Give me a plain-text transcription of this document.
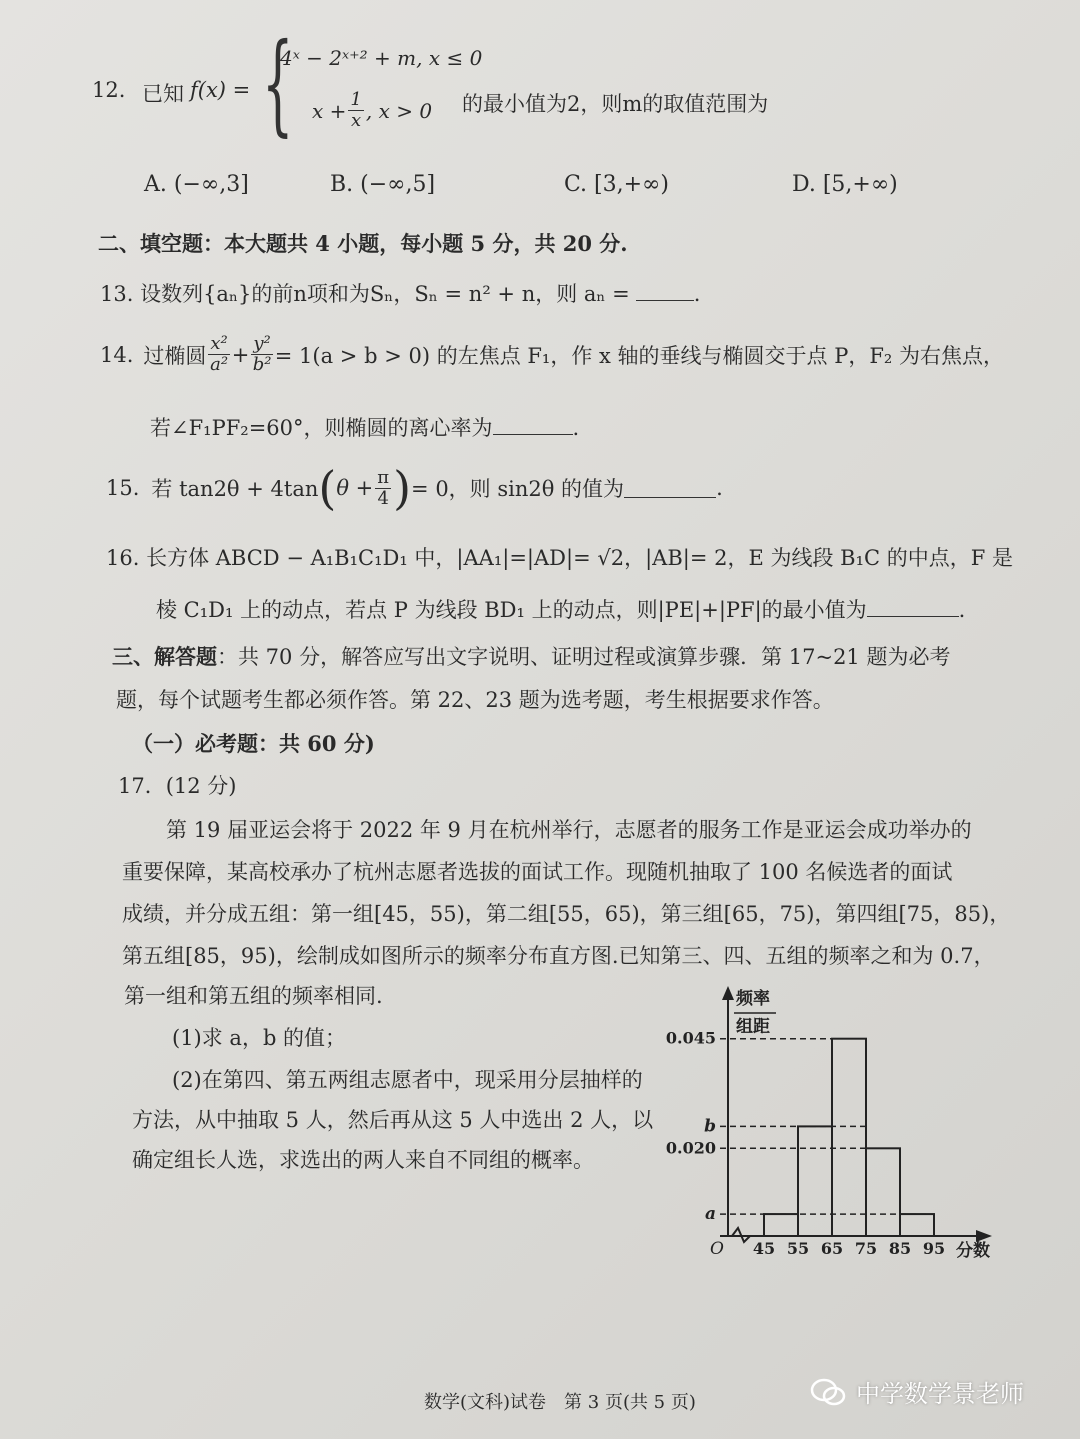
12. 已知 f(x) = {
4ˣ − 2ˣ⁺² + m, x ≤ 0
$x + \frac{1}{x}$ , x > 0 的最小值为2，则m的取值范围为
A. (−∞,3]	B. (−∞,5]	C. [3,+∞)	D. [5,+∞)
二、填空题：本大题共 4 小题，每小题 5 分，共 20 分.
13. 设数列{aₙ}的前n项和为Sₙ，Sₙ = n² + n，则 aₙ =	.
14. 过椭圆 $\frac{\text{x²}}{\text{a²}} + \frac{\text{y²}}{\text{b²}} = 1(a > b > 0)$ 的左焦点 F₁，作 x 轴的垂线与椭圆交于点 P，F₂ 为右焦点，
若∠F₁PF₂=60°，则椭圆的离心率为	.
15. 若 tan2θ + 4tan ( $\theta + \frac{\pi}{4}$ ) = 0，则 sin2θ 的值为	.
16. 长方体 ABCD − A₁B₁C₁D₁ 中，|AA₁|=|AD|= √2，|AB|= 2，E 为线段 B₁C 的中点，F 是
棱 C₁D₁ 上的动点，若点 P 为线段 BD₁ 上的动点，则|PE|+|PF|的最小值为	.
三、解答题：共 70 分，解答应写出文字说明、证明过程或演算步骤．第 17~21 题为必考
题，每个试题考生都必须作答。第 22、23 题为选考题，考生根据要求作答。
（一）必考题：共 60 分)
17．(12 分)
第 19 届亚运会将于 2022 年 9 月在杭州举行，志愿者的服务工作是亚运会成功举办的
重要保障，某高校承办了杭州志愿者选拔的面试工作。现随机抽取了 100 名候选者的面试
成绩，并分成五组：第一组[45，55)，第二组[55，65)，第三组[65，75)，第四组[75，85)，
第五组[85，95)，绘制成如图所示的频率分布直方图.已知第三、四、五组的频率之和为 0.7，
第一组和第五组的频率相同.
(1)求 a，b 的值；
(2)在第四、第五两组志愿者中，现采用分层抽样的
方法，从中抽取 5 人，然后再从这 5 人中选出 2 人，以
确定组长人选，求选出的两人来自不同组的概率。
a
0.020
b
0.045
45 55 65 75 85 95 分数
O
频率
组距
数学(文科)试卷　第 3 页(共 5 页)	中学数学景老师
